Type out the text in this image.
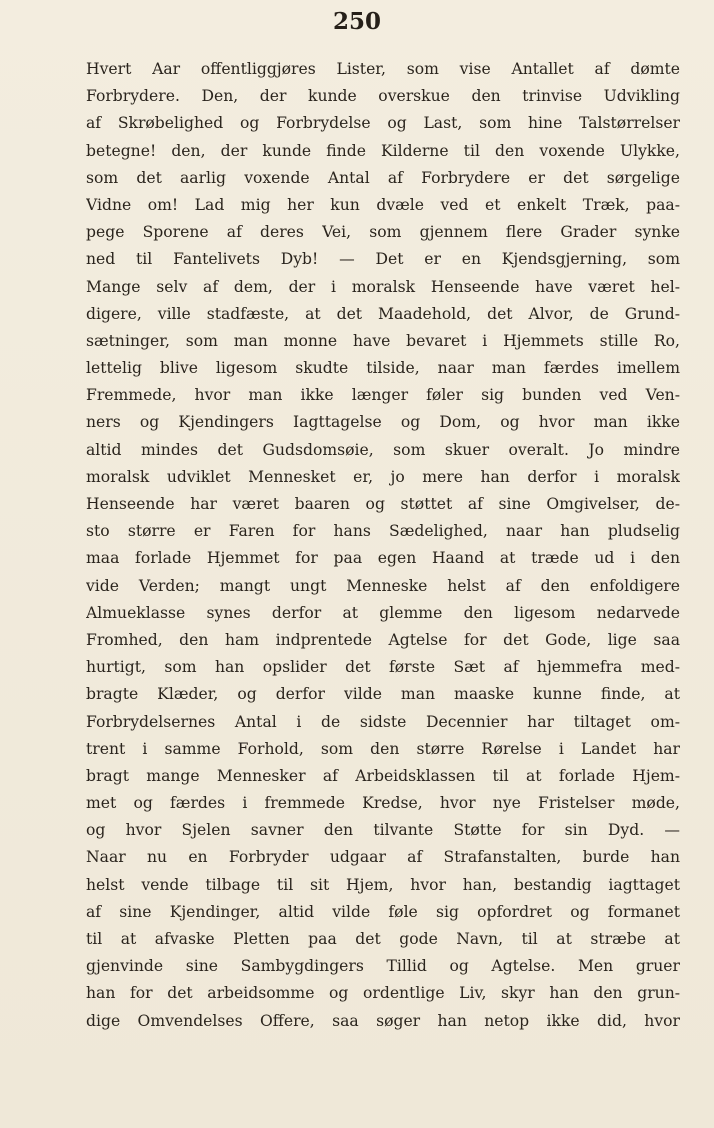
250
Hvert Aar offentliggjøres Lister, som vise Antallet af dømte
Forbrydere. Den, der kunde overskue den trinvise Udvikling
af Skrøbelighed og Forbrydelse og Last, som hine Talstørrelser
betegne! den, der kunde finde Kilderne til den voxende Ulykke,
som det aarlig voxende Antal af Forbrydere er det sørgelige
Vidne om! Lad mig her kun dvæle ved et enkelt Træk, paa-
pege Sporene af deres Vei, som gjennem flere Grader synke
ned til Fantelivets Dyb! — Det er en Kjendsgjerning, som
Mange selv af dem, der i moralsk Henseende have været hel-
digere, ville stadfæste, at det Maadehold, det Alvor, de Grund-
sætninger, som man monne have bevaret i Hjemmets stille Ro,
lettelig blive ligesom skudte tilside, naar man færdes imellem
Fremmede, hvor man ikke længer føler sig bunden ved Ven-
ners og Kjendingers Iagttagelse og Dom, og hvor man ikke
altid mindes det Gudsdomsøie, som skuer overalt. Jo mindre
moralsk udviklet Mennesket er, jo mere han derfor i moralsk
Henseende har været baaren og støttet af sine Omgivelser, de-
sto større er Faren for hans Sædelighed, naar han pludselig
maa forlade Hjemmet for paa egen Haand at træde ud i den
vide Verden; mangt ungt Menneske helst af den enfoldigere
Almueklasse synes derfor at glemme den ligesom nedarvede
Fromhed, den ham indprentede Agtelse for det Gode, lige saa
hurtigt, som han opslider det første Sæt af hjemmefra med-
bragte Klæder, og derfor vilde man maaske kunne finde, at
Forbrydelsernes Antal i de sidste Decennier har tiltaget om-
trent i samme Forhold, som den større Rørelse i Landet har
bragt mange Mennesker af Arbeidsklassen til at forlade Hjem-
met og færdes i fremmede Kredse, hvor nye Fristelser møde,
og hvor Sjelen savner den tilvante Støtte for sin Dyd. —
Naar nu en Forbryder udgaar af Strafanstalten, burde han
helst vende tilbage til sit Hjem, hvor han, bestandig iagttaget
af sine Kjendinger, altid vilde føle sig opfordret og formanet
til at afvaske Pletten paa det gode Navn, til at stræbe at
gjenvinde sine Sambygdingers Tillid og Agtelse. Men gruer
han for det arbeidsomme og ordentlige Liv, skyr han den grun-
dige Omvendelses Offere, saa søger han netop ikke did, hvor
